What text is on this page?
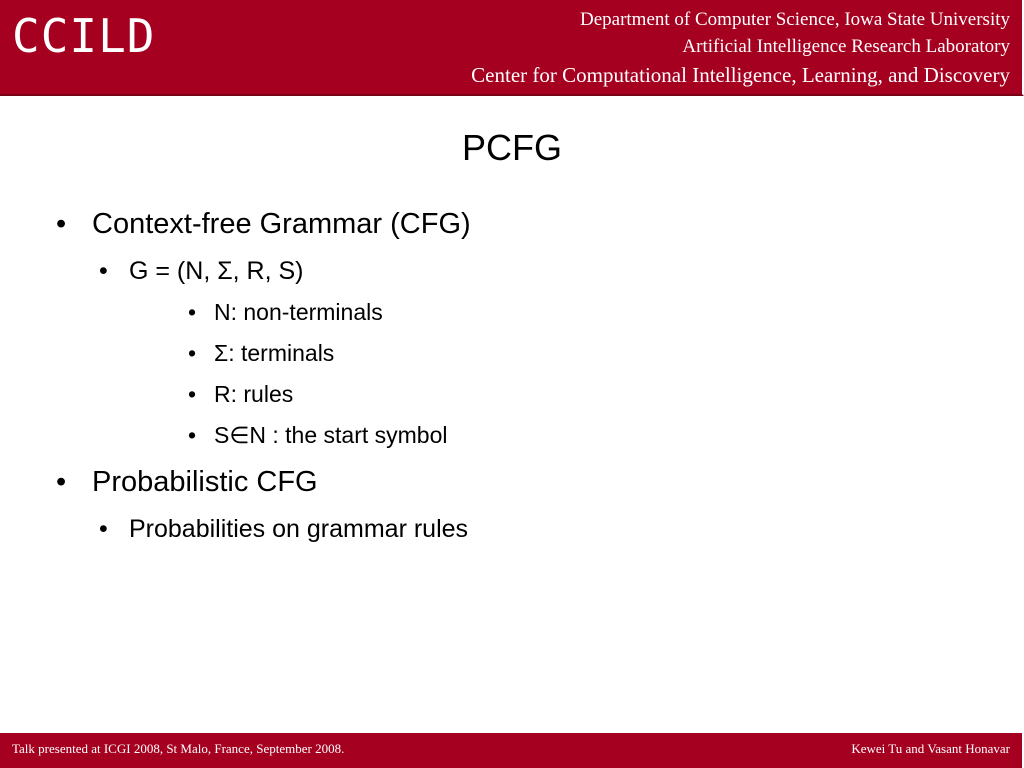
CCILD	Department of Computer Science, Iowa State University
Artificial Intelligence Research Laboratory
Center for Computational Intelligence, Learning, and Discovery
PCFG
• Context-free Grammar (CFG)
• G = (N, Σ, R, S)
• N: non-terminals
• Σ: terminals
• R: rules
• S∈N : the start symbol
• Probabilistic CFG
• Probabilities on grammar rules
Talk presented at ICGI 2008, St Malo, France, September 2008.	Kewei Tu and Vasant Honavar
